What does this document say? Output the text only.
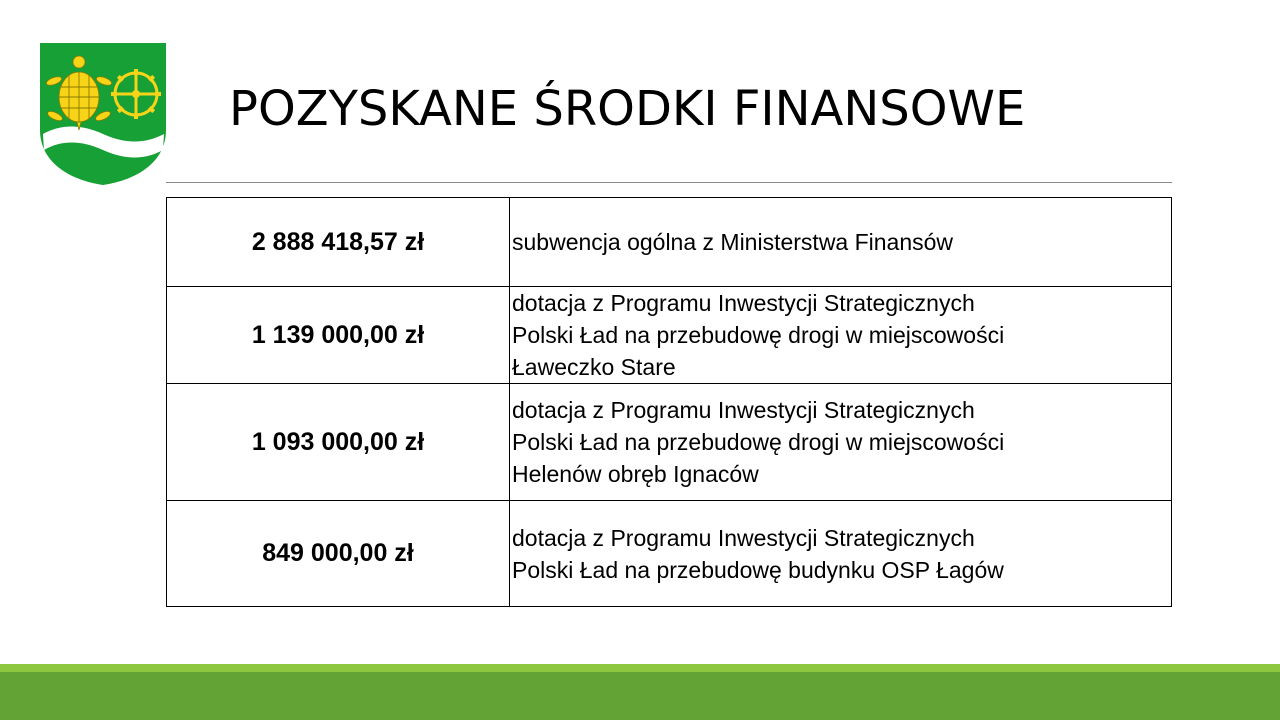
POZYSKANE ŚRODKI FINANSOWE
2 888 418,57 zł	subwencja ogólna z Ministerstwa Finansów

1 139 000,00 zł	dotacja z Programu Inwestycji Strategicznych
Polski Ład na przebudowę drogi w miejscowości
Ławeczko Stare

1 093 000,00 zł	dotacja z Programu Inwestycji Strategicznych
Polski Ład na przebudowę drogi w miejscowości
Helenów obręb Ignaców

849 000,00 zł	dotacja z Programu Inwestycji Strategicznych
Polski Ład na przebudowę budynku OSP Łagów
